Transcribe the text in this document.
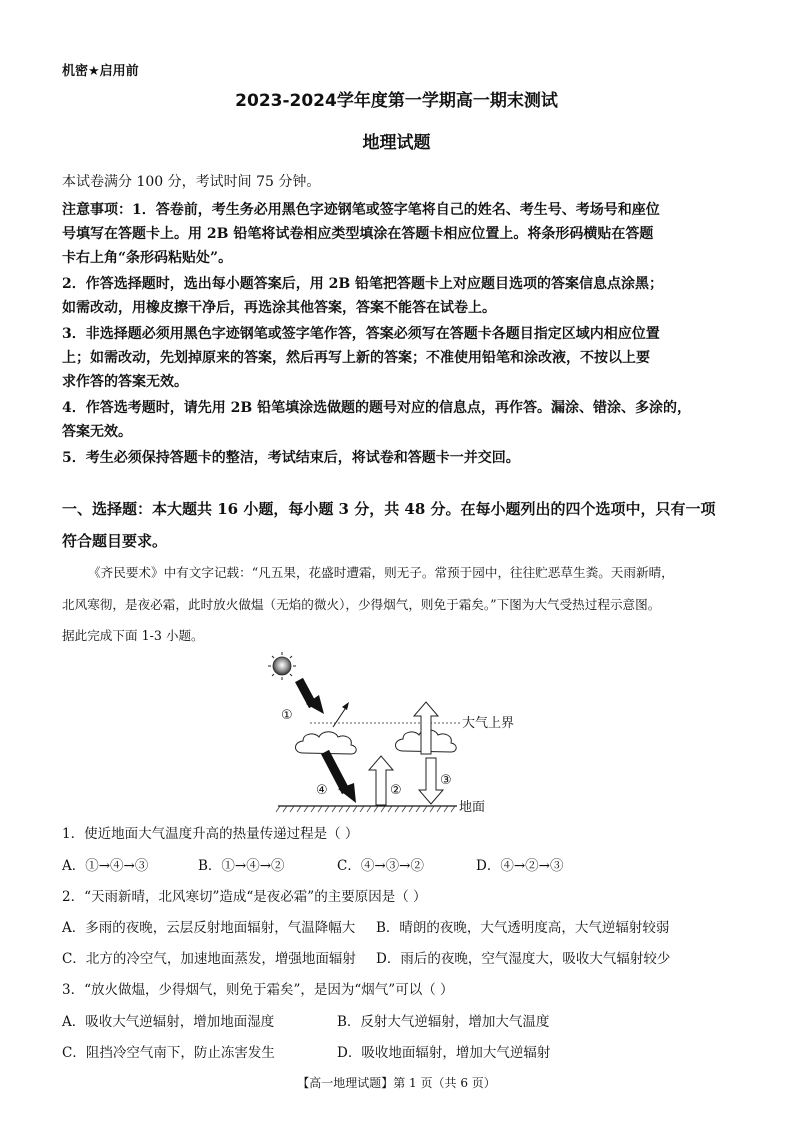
机密★启用前
2023-2024学年度第一学期高一期末测试
地理试题
本试卷满分 100 分，考试时间 75 分钟。
注意事项：1．答卷前，考生务必用黑色字迹钢笔或签字笔将自己的姓名、考生号、考场号和座位
号填写在答题卡上。用 2B 铅笔将试卷相应类型填涂在答题卡相应位置上。将条形码横贴在答题
卡右上角“条形码粘贴处”。
2．作答选择题时，选出每小题答案后，用 2B 铅笔把答题卡上对应题目选项的答案信息点涂黑；
如需改动，用橡皮擦干净后，再选涂其他答案，答案不能答在试卷上。
3．非选择题必须用黑色字迹钢笔或签字笔作答，答案必须写在答题卡各题目指定区域内相应位置
上；如需改动，先划掉原来的答案，然后再写上新的答案；不准使用铅笔和涂改液，不按以上要
求作答的答案无效。
4．作答选考题时，请先用 2B 铅笔填涂选做题的题号对应的信息点，再作答。漏涂、错涂、多涂的，
答案无效。
5．考生必须保持答题卡的整洁，考试结束后，将试卷和答题卡一并交回。
一、选择题：本大题共 16 小题，每小题 3 分，共 48 分。在每小题列出的四个选项中，只有一项
符合题目要求。
《齐民要术》中有文字记载：“凡五果，花盛时遭霜，则无子。常预于园中，往往贮恶草生粪。天雨新晴，
北风寒彻，是夜必霜，此时放火做煴（无焰的微火），少得烟气，则免于霜矣。”下图为大气受热过程示意图。
据此完成下面 1-3 小题。
①
④	②
③
大气上界
地面
1．使近地面大气温度升高的热量传递过程是（ ）
A．①→④→③	B．①→④→②	C．④→③→②	D．④→②→③
2．“天雨新晴，北风寒切”造成“是夜必霜”的主要原因是（ ）
A．多雨的夜晚，云层反射地面辐射，气温降幅大 B．晴朗的夜晚，大气透明度高，大气逆辐射较弱
C．北方的冷空气，加速地面蒸发，增强地面辐射 D．雨后的夜晚，空气湿度大，吸收大气辐射较少
3．“放火做煴，少得烟气，则免于霜矣”，是因为“烟气”可以（ ）
A．吸收大气逆辐射，增加地面湿度	B．反射大气逆辐射，增加大气温度
C．阻挡冷空气南下，防止冻害发生	D．吸收地面辐射，增加大气逆辐射
【高一地理试题】第 1 页（共 6 页）
